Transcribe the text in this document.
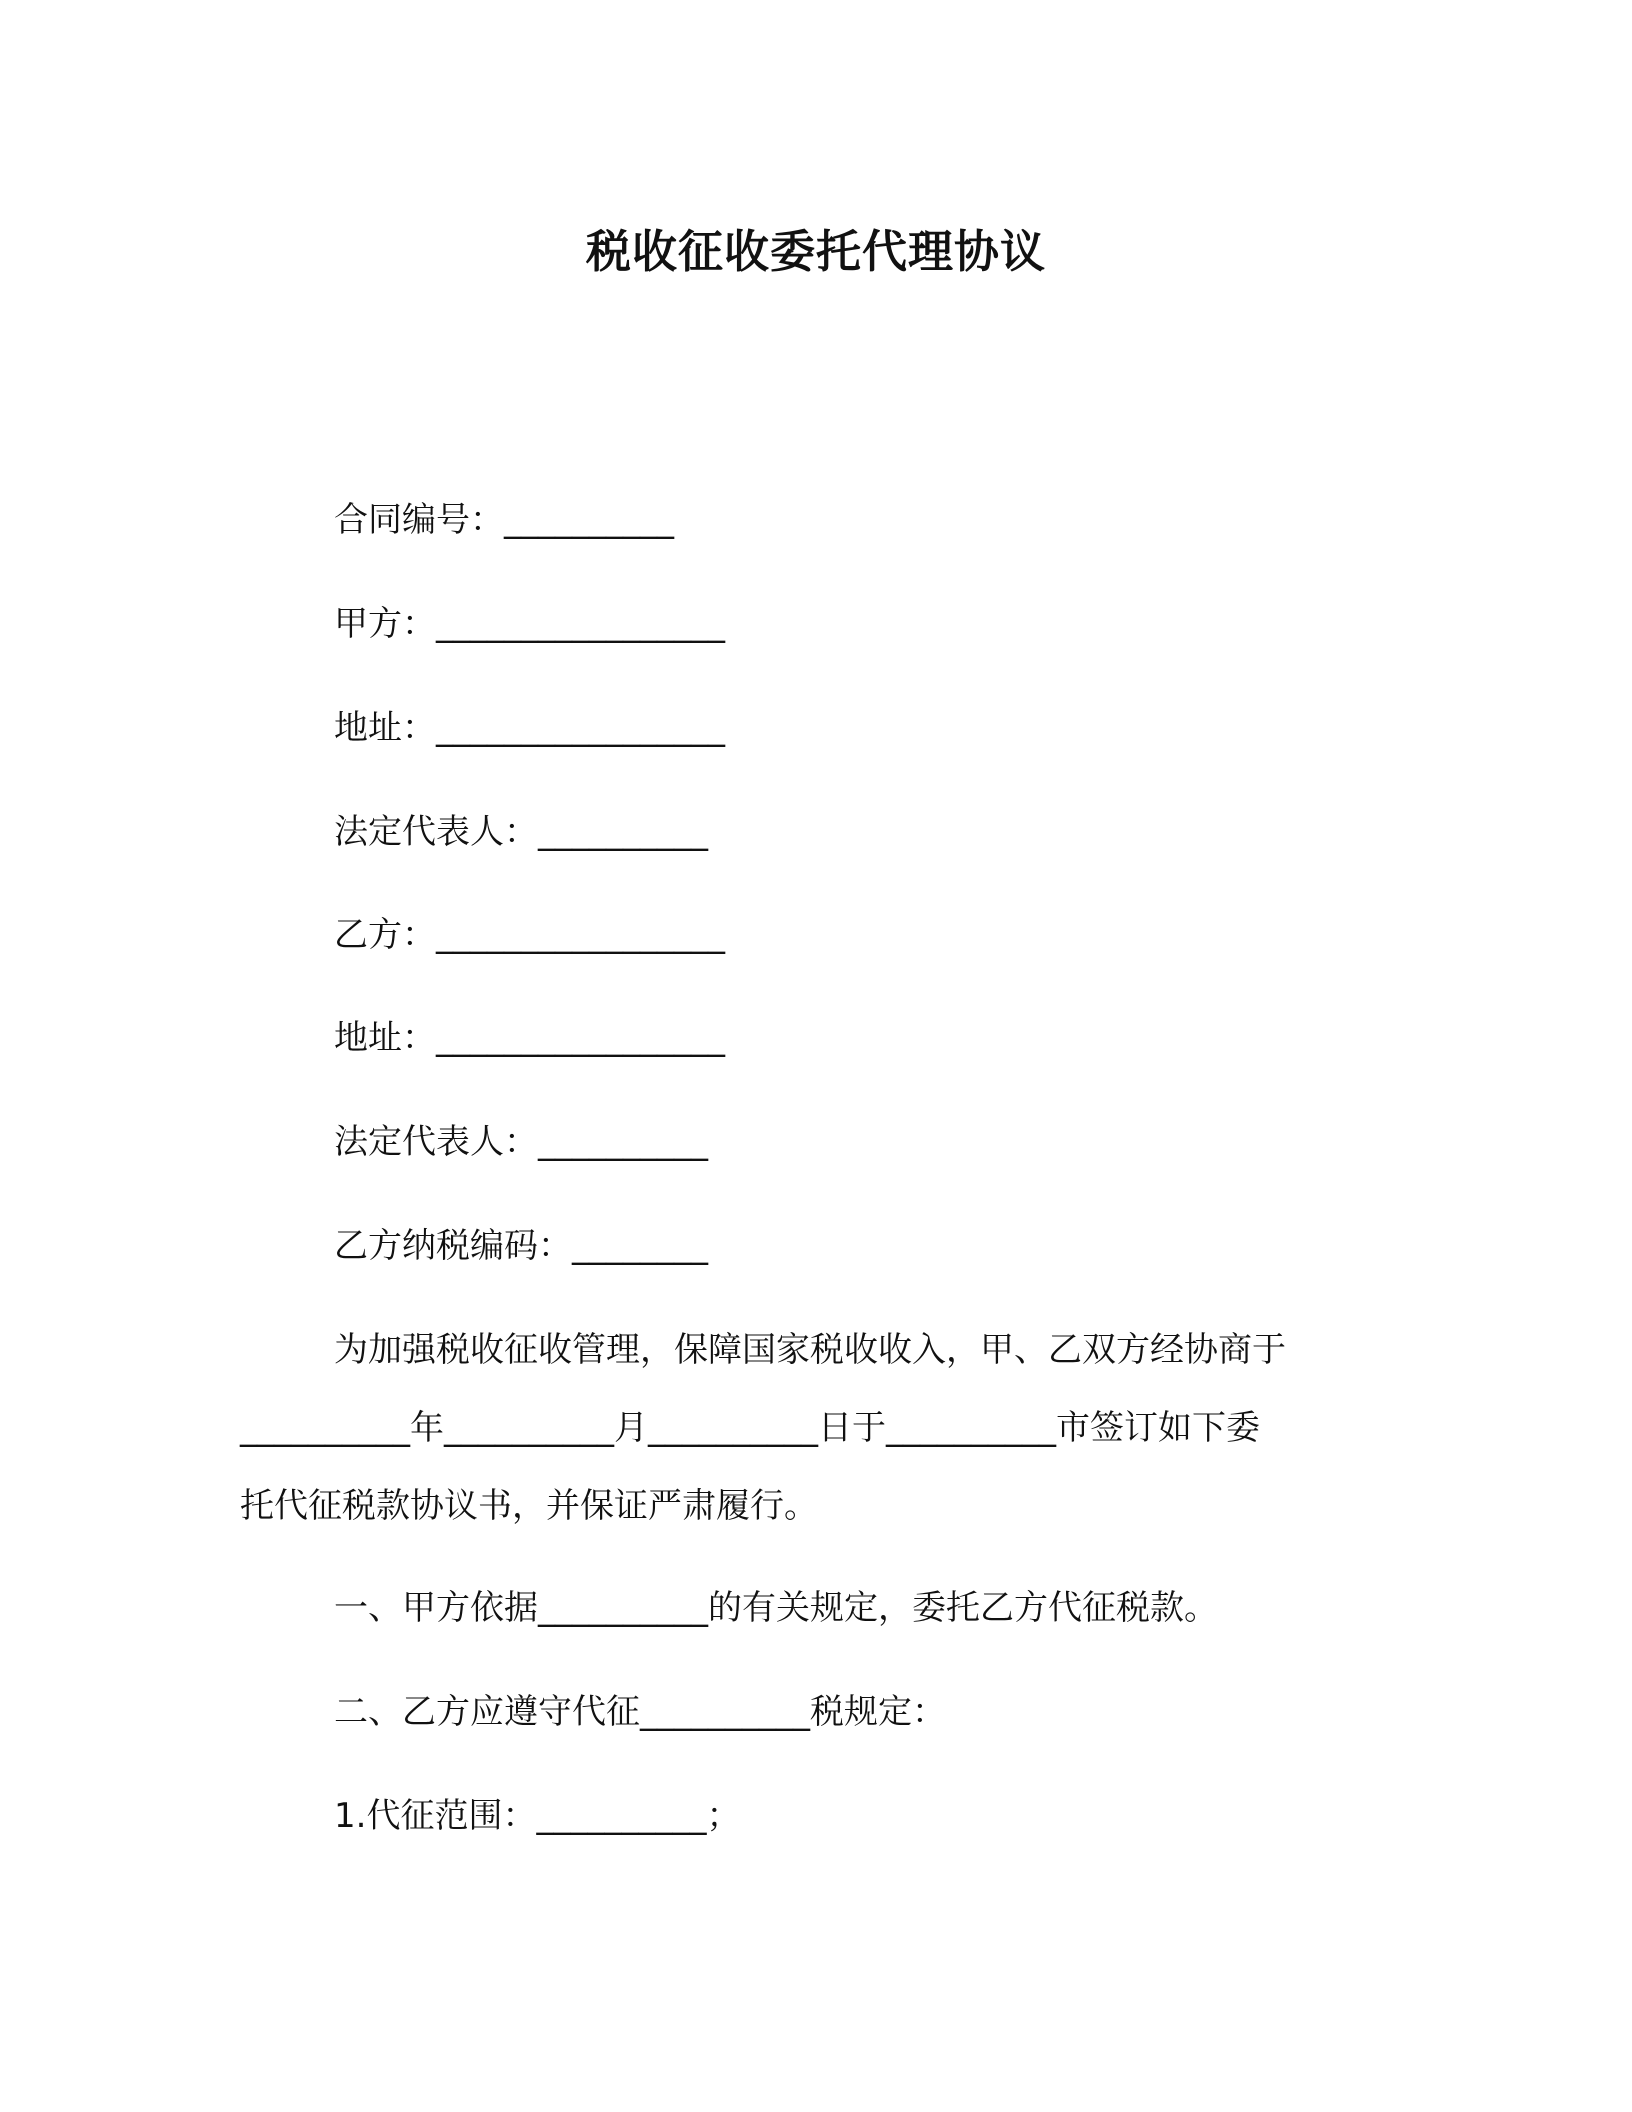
税收征收委托代理协议
合同编号：__________
甲方：_________________
地址：_________________
法定代表人：__________
乙方：_________________
地址：_________________
法定代表人：__________
乙方纳税编码：________
为加强税收征收管理，保障国家税收收入，甲、乙双方经协商于
__________年__________月__________日于__________市签订如下委
托代征税款协议书，并保证严肃履行。
一、甲方依据__________的有关规定，委托乙方代征税款。
二、乙方应遵守代征__________税规定：
1.代征范围：__________；
